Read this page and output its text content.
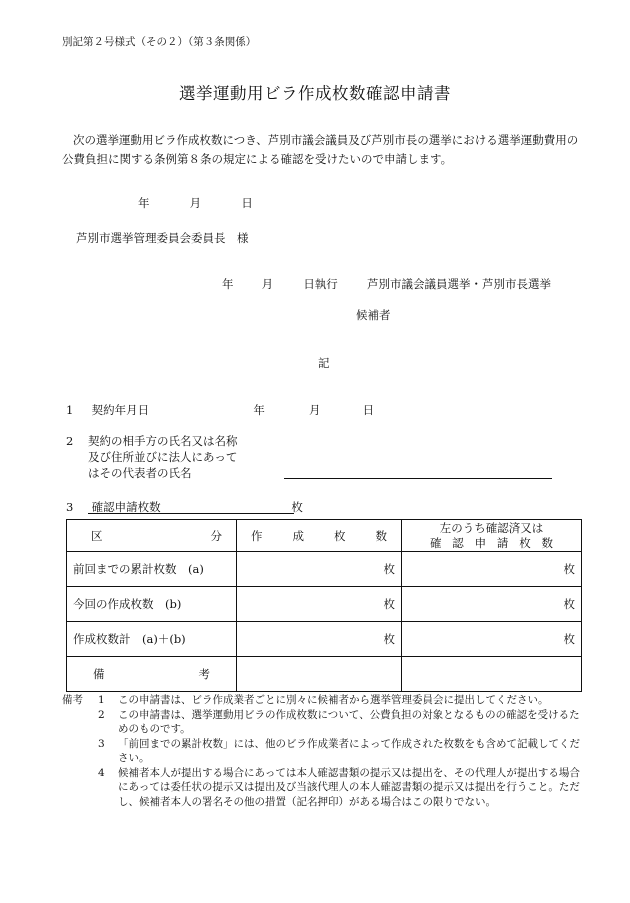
別記第２号様式（その２）（第３条関係）
選挙運動用ビラ作成枚数確認申請書
次の選挙運動用ビラ作成枚数につき、芦別市議会議員及び芦別市長の選挙における選挙運動費用の公費負担に関する条例第８条の規定による確認を受けたいので申請します。
年	月	日
芦別市選挙管理委員会委員長　様
年 月	日執行	芦別市議会議員選挙・芦別市長選挙
候補者
記
1 契約年月日	年	月	日
2	契約の相手方の氏名又は名称
及び住所並びに法人にあって
はその代表者の氏名
3 確認申請枚数	枚
区　　分	作　成　枚　数	左のうち確認済又は
確認申請枚数

前回までの累計枚数　(a)	枚	枚
今回の作成枚数　(b)	枚	枚
作成枚数計　(a)＋(b)	枚	枚

備　　　　考		

備考	1	この申請書は、ビラ作成業者ごとに別々に候補者から選挙管理委員会に提出してください。
2	この申請書は、選挙運動用ビラの作成枚数について、公費負担の対象となるものの確認を受けるためのものです。
3	「前回までの累計枚数」には、他のビラ作成業者によって作成された枚数をも含めて記載してください。
4	候補者本人が提出する場合にあっては本人確認書類の提示又は提出を、その代理人が提出する場合にあっては委任状の提示又は提出及び当該代理人の本人確認書類の提示又は提出を行うこと。ただし、候補者本人の署名その他の措置（記名押印）がある場合はこの限りでない。
